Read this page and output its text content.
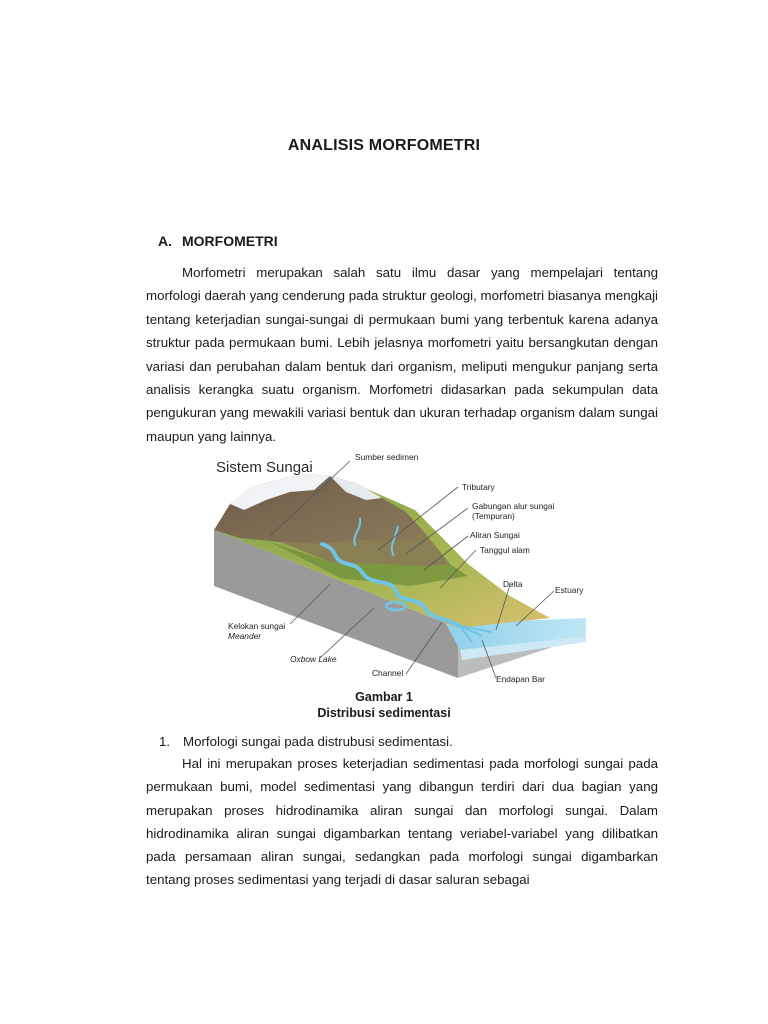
ANALISIS MORFOMETRI
A. MORFOMETRI

Morfometri merupakan salah satu ilmu dasar yang mempelajari tentang morfologi daerah yang cenderung pada struktur geologi, morfometri biasanya mengkaji tentang keterjadian sungai-sungai di permukaan bumi yang terbentuk karena adanya struktur pada permukaan bumi. Lebih jelasnya morfometri yaitu bersangkutan dengan variasi dan perubahan dalam bentuk dari organism, meliputi mengukur panjang serta analisis kerangka suatu organism. Morfometri didasarkan pada sekumpulan data pengukuran yang mewakili variasi bentuk dan ukuran terhadap organism dalam sungai maupun yang lainnya.

Sistem Sungai
Sumber sedimen
Tributary
Gabungan alur sungai
(Tempuran)
Aliran Sungai
Tanggul alam
Delta
Estuary
Kelokan sungai
Meander
Oxbow Lake
Channel
Endapan Bar
Gambar 1
Distribusi sedimentasi
1. Morfologi sungai pada distrubusi sedimentasi.

Hal ini merupakan proses keterjadian sedimentasi pada morfologi sungai pada permukaan bumi, model sedimentasi yang dibangun terdiri dari dua bagian yang merupakan proses hidrodinamika aliran sungai dan morfologi sungai. Dalam hidrodinamika aliran sungai digambarkan tentang veriabel-variabel yang dilibatkan pada persamaan aliran sungai, sedangkan pada morfologi sungai digambarkan tentang proses sedimentasi yang terjadi di dasar saluran sebagai
